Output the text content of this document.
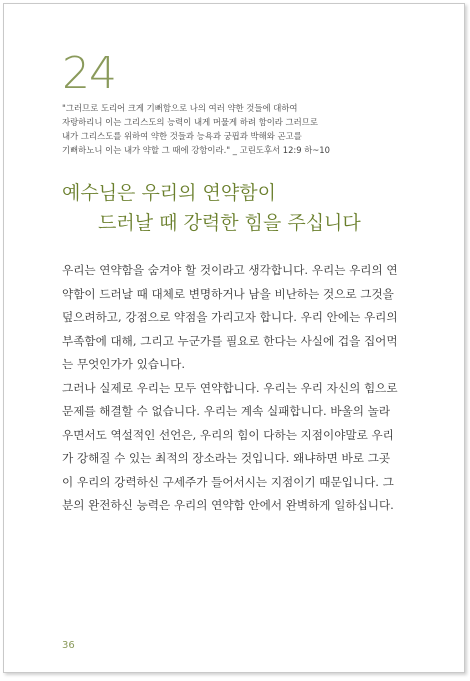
24

"그러므로 도리어 크게 기뻐함으로 나의 여러 약한 것들에 대하여

자랑하리니 이는 그리스도의 능력이 내게 머물게 하려 함이라 그러므로

내가 그리스도를 위하여 약한 것들과 능욕과 궁핍과 박해와 곤고를

기뻐하노니 이는 내가 약할 그 때에 강함이라." _ 고린도후서 12:9 하~10

예수님은 우리의 연약함이
드러날 때 강력한 힘을 주십니다
우리는 연약함을 숨겨야 할 것이라고 생각합니다. 우리는 우리의 연
약함이 드러날 때 대체로 변명하거나 남을 비난하는 것으로 그것을
덮으려하고, 강점으로 약점을 가리고자 합니다. 우리 안에는 우리의
부족함에 대해, 그리고 누군가를 필요로 한다는 사실에 겁을 집어먹
는 무엇인가가 있습니다.
그러나 실제로 우리는 모두 연약합니다. 우리는 우리 자신의 힘으로
문제를 해결할 수 없습니다. 우리는 계속 실패합니다. 바울의 놀라
우면서도 역설적인 선언은, 우리의 힘이 다하는 지점이야말로 우리
가 강해질 수 있는 최적의 장소라는 것입니다. 왜냐하면 바로 그곳
이 우리의 강력하신 구세주가 들어서시는 지점이기 때문입니다. 그
분의 완전하신 능력은 우리의 연약함 안에서 완벽하게 일하십니다.
36
